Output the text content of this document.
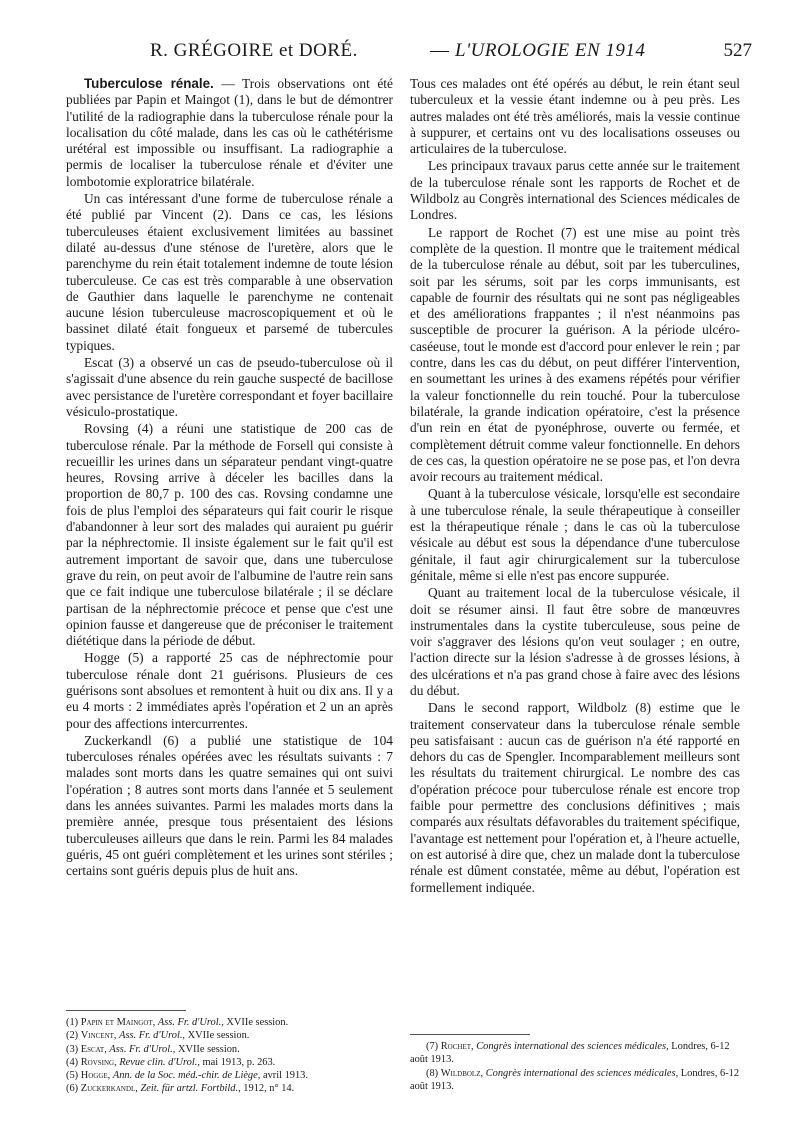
R. GRÉGOIRE et DORÉ.	— L'UROLOGIE EN 1914	527

Tuberculose rénale. — Trois observations ont été publiées par Papin et Maingot (1), dans le but de démontrer l'utilité de la radiographie dans la tuberculose rénale pour la localisation du côté malade, dans les cas où le cathétérisme urétéral est impossible ou insuffisant. La radiographie a permis de localiser la tuberculose rénale et d'éviter une lombotomie exploratrice bilatérale.

Un cas intéressant d'une forme de tuberculose rénale a été publié par Vincent (2). Dans ce cas, les lésions tuberculeuses étaient exclusivement limitées au bassinet dilaté au-dessus d'une sténose de l'uretère, alors que le parenchyme du rein était totalement indemne de toute lésion tuberculeuse. Ce cas est très comparable à une observation de Gauthier dans laquelle le parenchyme ne contenait aucune lésion tuberculeuse macroscopiquement et où le bassinet dilaté était fongueux et parsemé de tubercules typiques.

Escat (3) a observé un cas de pseudo-tuberculose où il s'agissait d'une absence du rein gauche suspecté de bacillose avec persistance de l'uretère correspondant et foyer bacillaire vésiculo-prostatique.

Rovsing (4) a réuni une statistique de 200 cas de tuberculose rénale. Par la méthode de Forsell qui consiste à recueillir les urines dans un séparateur pendant vingt-quatre heures, Rovsing arrive à déceler les bacilles dans la proportion de 80,7 p. 100 des cas. Rovsing condamne une fois de plus l'emploi des séparateurs qui fait courir le risque d'abandonner à leur sort des malades qui auraient pu guérir par la néphrectomie. Il insiste également sur le fait qu'il est autrement important de savoir que, dans une tuberculose grave du rein, on peut avoir de l'albumine de l'autre rein sans que ce fait indique une tuberculose bilatérale ; il se déclare partisan de la néphrectomie précoce et pense que c'est une opinion fausse et dangereuse que de préconiser le traitement diététique dans la période de début.

Hogge (5) a rapporté 25 cas de néphrectomie pour tuberculose rénale dont 21 guérisons. Plusieurs de ces guérisons sont absolues et remontent à huit ou dix ans. Il y a eu 4 morts : 2 immédiates après l'opération et 2 un an après pour des affections intercurrentes.

Zuckerkandl (6) a publié une statistique de 104 tuberculoses rénales opérées avec les résultats suivants : 7 malades sont morts dans les quatre semaines qui ont suivi l'opération ; 8 autres sont morts dans l'année et 5 seulement dans les années suivantes. Parmi les malades morts dans la première année, presque tous présentaient des lésions tuberculeuses ailleurs que dans le rein. Parmi les 84 malades guéris, 45 ont guéri complètement et les urines sont stériles ; certains sont guéris depuis plus de huit ans.

Tous ces malades ont été opérés au début, le rein étant seul tuberculeux et la vessie étant indemne ou à peu près. Les autres malades ont été très améliorés, mais la vessie continue à suppurer, et certains ont vu des localisations osseuses ou articulaires de la tuberculose.

Les principaux travaux parus cette année sur le traitement de la tuberculose rénale sont les rapports de Rochet et de Wildbolz au Congrès international des Sciences médicales de Londres.

Le rapport de Rochet (7) est une mise au point très complète de la question. Il montre que le traitement médical de la tuberculose rénale au début, soit par les tuberculines, soit par les sérums, soit par les corps immunisants, est capable de fournir des résultats qui ne sont pas négligeables et des améliorations frappantes ; il n'est néanmoins pas susceptible de procurer la guérison. A la période ulcéro-caséeuse, tout le monde est d'accord pour enlever le rein ; par contre, dans les cas du début, on peut différer l'intervention, en soumettant les urines à des examens répétés pour vérifier la valeur fonctionnelle du rein touché. Pour la tuberculose bilatérale, la grande indication opératoire, c'est la présence d'un rein en état de pyonéphrose, ouverte ou fermée, et complètement détruit comme valeur fonctionnelle. En dehors de ces cas, la question opératoire ne se pose pas, et l'on devra avoir recours au traitement médical.

Quant à la tuberculose vésicale, lorsqu'elle est secondaire à une tuberculose rénale, la seule thérapeutique à conseiller est la thérapeutique rénale ; dans le cas où la tuberculose vésicale au début est sous la dépendance d'une tuberculose génitale, il faut agir chirurgicalement sur la tuberculose génitale, même si elle n'est pas encore suppurée.

Quant au traitement local de la tuberculose vésicale, il doit se résumer ainsi. Il faut être sobre de manœuvres instrumentales dans la cystite tuberculeuse, sous peine de voir s'aggraver des lésions qu'on veut soulager ; en outre, l'action directe sur la lésion s'adresse à de grosses lésions, à des ulcérations et n'a pas grand chose à faire avec des lésions du début.

Dans le second rapport, Wildbolz (8) estime que le traitement conservateur dans la tuberculose rénale semble peu satisfaisant : aucun cas de guérison n'a été rapporté en dehors du cas de Spengler. Incomparablement meilleurs sont les résultats du traitement chirurgical. Le nombre des cas d'opération précoce pour tuberculose rénale est encore trop faible pour permettre des conclusions définitives ; mais comparés aux résultats défavorables du traitement spécifique, l'avantage est nettement pour l'opération et, à l'heure actuelle, on est autorisé à dire que, chez un malade dont la tuberculose rénale est dûment constatée, même au début, l'opération est formellement indiquée.

(1) Papin et Maingot, Ass. Fr. d'Urol., XVIIe session.

(2) Vincent, Ass. Fr. d'Urol., XVIIe session.

(3) Escat, Ass. Fr. d'Urol., XVIIe session.

(4) Rovsing, Revue clin. d'Urol., mai 1913, p. 263.

(5) Hogge, Ann. de la Soc. méd.-chir. de Liège, avril 1913.

(6) Zuckerkandl, Zeit. für artzl. Fortbild., 1912, n° 14.

(7) Rochet, Congrès international des sciences médicales, Londres, 6-12 août 1913.

(8) Wildbolz, Congrès international des sciences médicales, Londres, 6-12 août 1913.
